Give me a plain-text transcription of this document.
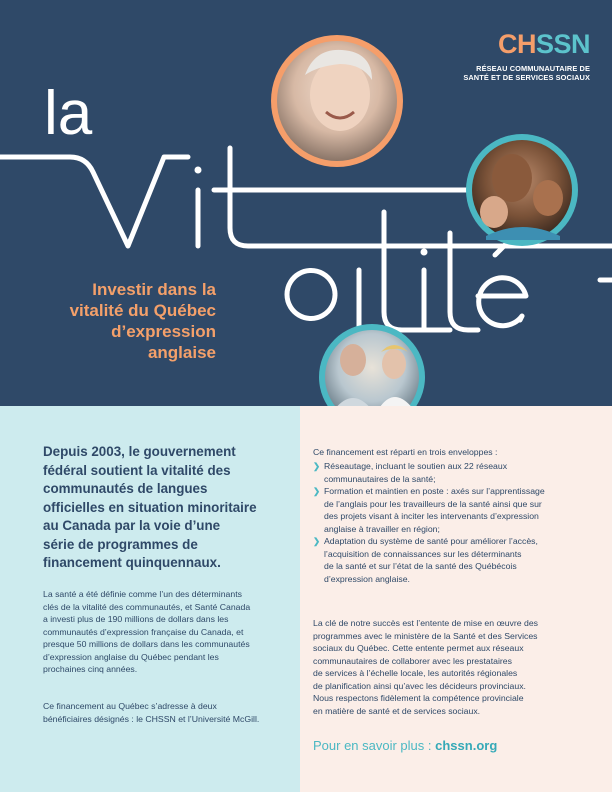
la
CHSSN
RÉSEAU COMMUNAUTAIRE DE
SANTÉ ET DE SERVICES SOCIAUX
Investir dans la
vitalité du Québec
d’expression
anglaise
Depuis 2003, le gouvernement
fédéral soutient la vitalité des
communautés de langues
officielles en situation minoritaire
au Canada par la voie d’une
série de programmes de
financement quinquennaux.
La santé a été définie comme l’un des déterminants
clés de la vitalité des communautés, et Santé Canada
a investi plus de 190 millions de dollars dans les
communautés d’expression française du Canada, et
presque 50 millions de dollars dans les communautés
d’expression anglaise du Québec pendant les
prochaines cinq années.
Ce financement au Québec s’adresse à deux
bénéficiaires désignés : le CHSSN et l’Université McGill.
Ce financement est réparti en trois enveloppes :
❯ Réseautage, incluant le soutien aux 22 réseaux
communautaires de la santé;
❯ Formation et maintien en poste : axés sur l’apprentissage
de l’anglais pour les travailleurs de la santé ainsi que sur
des projets visant à inciter les intervenants d’expression
anglaise à travailler en région;
❯ Adaptation du système de santé pour améliorer l’accès,
l’acquisition de connaissances sur les déterminants
de la santé et sur l’état de la santé des Québécois
d’expression anglaise.
La clé de notre succès est l’entente de mise en œuvre des
programmes avec le ministère de la Santé et des Services
sociaux du Québec. Cette entente permet aux réseaux
communautaires de collaborer avec les prestataires
de services à l’échelle locale, les autorités régionales
de planification ainsi qu’avec les décideurs provinciaux.
Nous respectons fidèlement la compétence provinciale
en matière de santé et de services sociaux.
Pour en savoir plus : chssn.org
